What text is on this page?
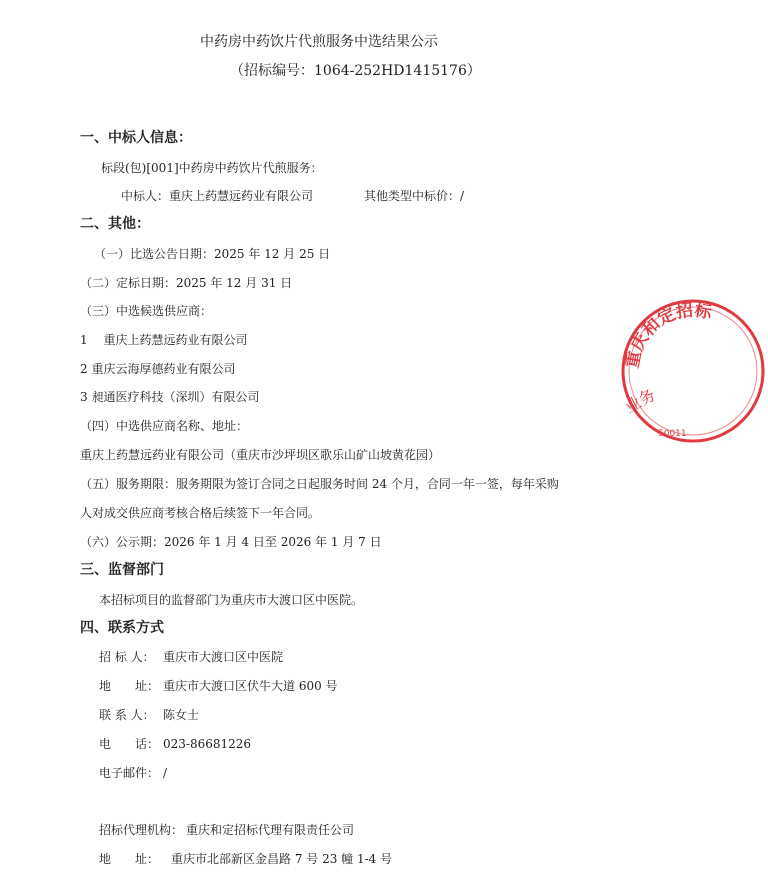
中药房中药饮片代煎服务中选结果公示
（招标编号：1064-252HD1415176）
一、中标人信息：
标段(包)[001]中药房中药饮片代煎服务：
中标人：重庆上药慧远药业有限公司	其他类型中标价：/
二、其他：
（一）比选公告日期：2025 年 12 月 25 日
（二）定标日期：2025 年 12 月 31 日
（三）中选候选供应商：
1　 重庆上药慧远药业有限公司
2 重庆云海厚德药业有限公司
3 昶通医疗科技（深圳）有限公司
（四）中选供应商名称、地址：
重庆上药慧远药业有限公司（重庆市沙坪坝区歌乐山矿山坡黄花园）
（五）服务期限：服务期限为签订合同之日起服务时间 24 个月，合同一年一签，每年采购
人对成交供应商考核合格后续签下一年合同。
（六）公示期：2026 年 1 月 4 日至 2026 年 1 月 7 日
三、监督部门
本招标项目的监督部门为重庆市大渡口区中医院。
四、联系方式
招 标 人： 重庆市大渡口区中医院
地　　址： 重庆市大渡口区伏牛大道 600 号
联 系 人： 陈女士
电　　话： 023-86681226
电子邮件： /
招标代理机构： 重庆和定招标代理有限责任公司
地　　址： 重庆市北部新区金昌路 7 号 23 幢 1-4 号
重庆和定招标
业务
50011
